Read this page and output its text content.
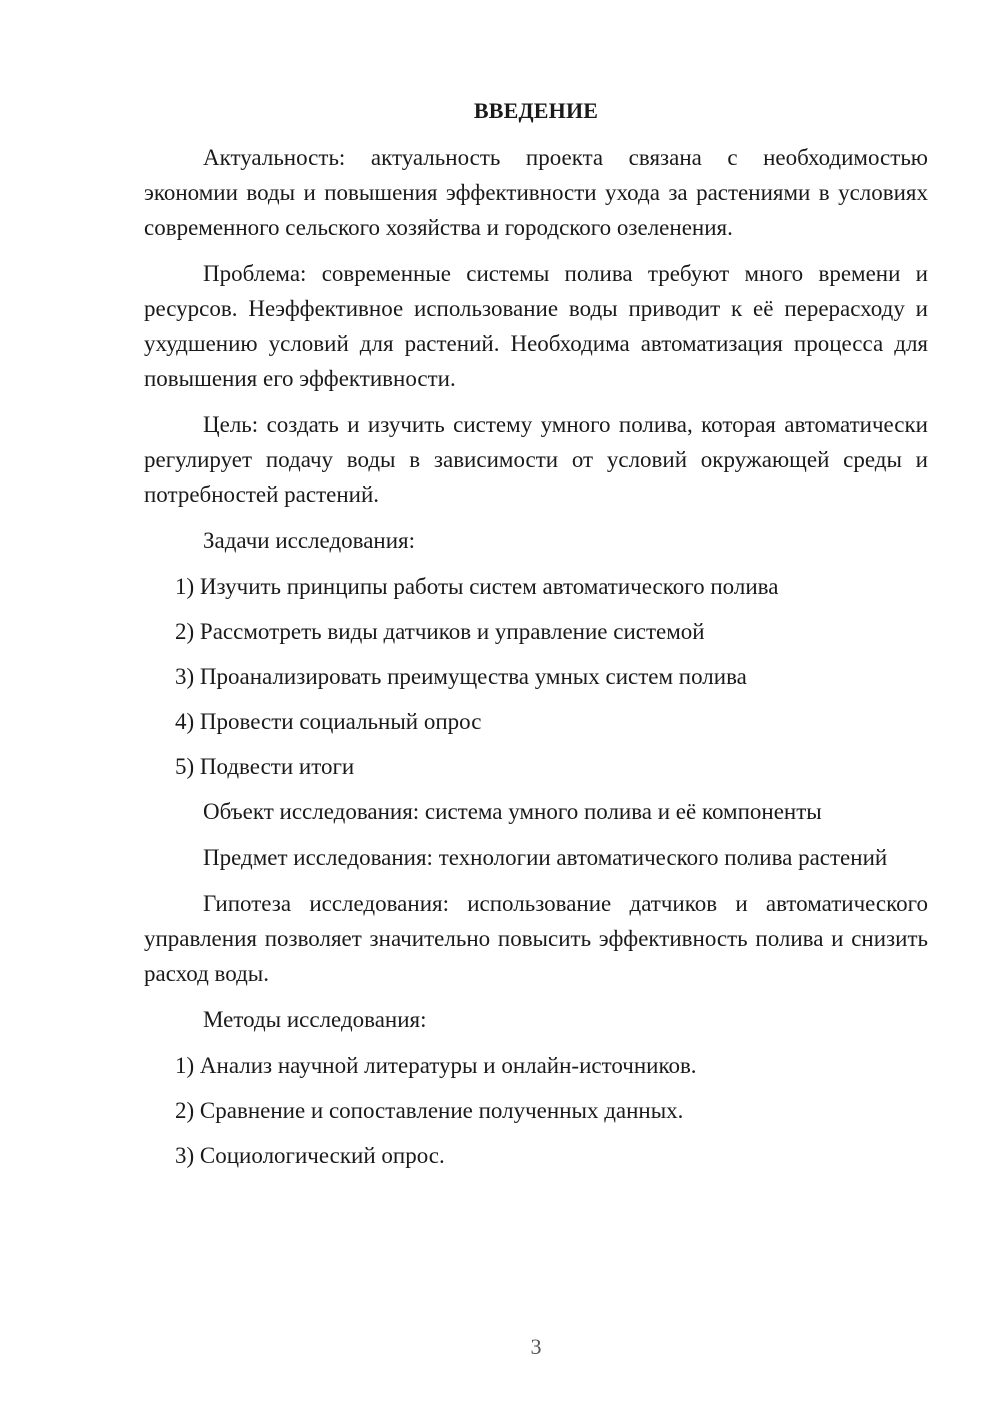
ВВЕДЕНИЕ

Актуальность: актуальность проекта связана с необходимостью экономии воды и повышения эффективности ухода за растениями в условиях современного сельского хозяйства и городского озеленения.

Проблема: современные системы полива требуют много времени и ресурсов. Неэффективное использование воды приводит к её перерасходу и ухудшению условий для растений. Необходима автоматизация процесса для повышения его эффективности.

Цель: создать и изучить систему умного полива, которая автоматически регулирует подачу воды в зависимости от условий окружающей среды и потребностей растений.

Задачи исследования:

1) Изучить принципы работы систем автоматического полива
2) Рассмотреть виды датчиков и управление системой
3) Проанализировать преимущества умных систем полива
4) Провести социальный опрос
5) Подвести итоги

Объект исследования: система умного полива и её компоненты

Предмет исследования: технологии автоматического полива растений

Гипотеза исследования: использование датчиков и автоматического управления позволяет значительно повысить эффективность полива и снизить расход воды.

Методы исследования:

1) Анализ научной литературы и онлайн-источников.
2) Сравнение и сопоставление полученных данных.
3) Социологический опрос.
3
